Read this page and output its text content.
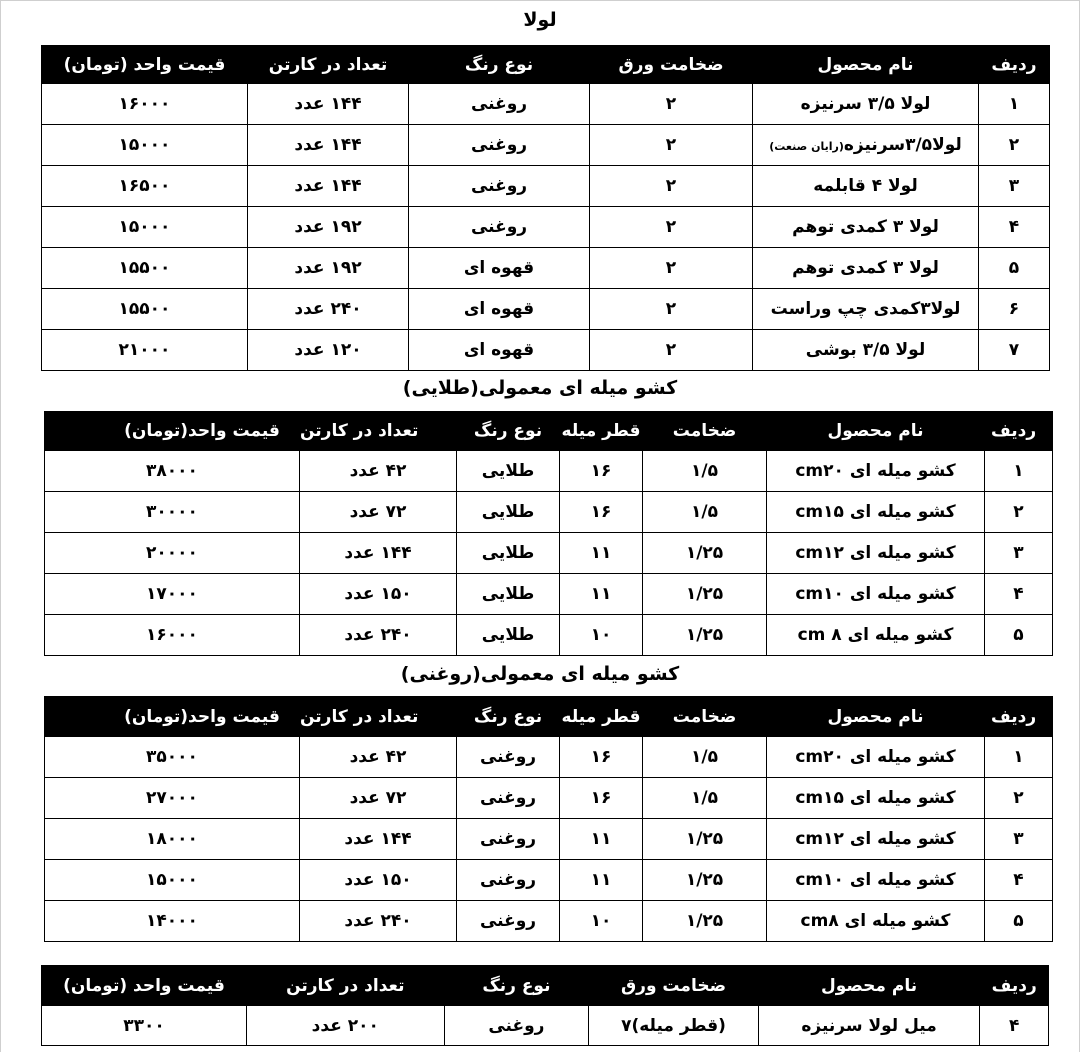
لولا
ردیف	نام محصول	ضخامت ورق	نوع رنگ	تعداد در کارتن	قیمت واحد (تومان)
۱	لولا ۳/۵ سرنیزه	۲	روغنی	۱۴۴ عدد	۱۶۰۰۰
۲	لولا۳/۵سرنیزه(رایان صنعت)	۲	روغنی	۱۴۴ عدد	۱۵۰۰۰
۳	لولا ۴ قابلمه	۲	روغنی	۱۴۴ عدد	۱۶۵۰۰
۴	لولا ۳ کمدی توهم	۲	روغنی	۱۹۲ عدد	۱۵۰۰۰
۵	لولا ۳ کمدی توهم	۲	قهوه ای	۱۹۲ عدد	۱۵۵۰۰
۶	لولا۳کمدی چپ وراست	۲	قهوه ای	۲۴۰ عدد	۱۵۵۰۰
۷	لولا ۳/۵ بوشی	۲	قهوه ای	۱۲۰ عدد	۲۱۰۰۰
کشو میله ای معمولی(طلایی)
ردیف	نام محصول	ضخامت	قطر میله	نوع رنگ	تعداد در کارتن	قیمت واحد(تومان)
۱	کشو میله ای cm۲۰	۱/۵	۱۶	طلایی	۴۲ عدد	۳۸۰۰۰
۲	کشو میله ای cm۱۵	۱/۵	۱۶	طلایی	۷۲ عدد	۳۰۰۰۰
۳	کشو میله ای cm۱۲	۱/۲۵	۱۱	طلایی	۱۴۴ عدد	۲۰۰۰۰
۴	کشو میله ای cm۱۰	۱/۲۵	۱۱	طلایی	۱۵۰ عدد	۱۷۰۰۰
۵	کشو میله ای cm ۸	۱/۲۵	۱۰	طلایی	۲۴۰ عدد	۱۶۰۰۰
کشو میله ای معمولی(روغنی)
ردیف	نام محصول	ضخامت	قطر میله	نوع رنگ	تعداد در کارتن	قیمت واحد(تومان)
۱	کشو میله ای cm۲۰	۱/۵	۱۶	روغنی	۴۲ عدد	۳۵۰۰۰
۲	کشو میله ای cm۱۵	۱/۵	۱۶	روغنی	۷۲ عدد	۲۷۰۰۰
۳	کشو میله ای cm۱۲	۱/۲۵	۱۱	روغنی	۱۴۴ عدد	۱۸۰۰۰
۴	کشو میله ای cm۱۰	۱/۲۵	۱۱	روغنی	۱۵۰ عدد	۱۵۰۰۰
۵	کشو میله ای cm۸	۱/۲۵	۱۰	روغنی	۲۴۰ عدد	۱۴۰۰۰
ردیف	نام محصول	ضخامت ورق	نوع رنگ	تعداد در کارتن	قیمت واحد (تومان)
۴	میل لولا سرنیزه	(قطر میله)۷	روغنی	۲۰۰ عدد	۳۳۰۰
